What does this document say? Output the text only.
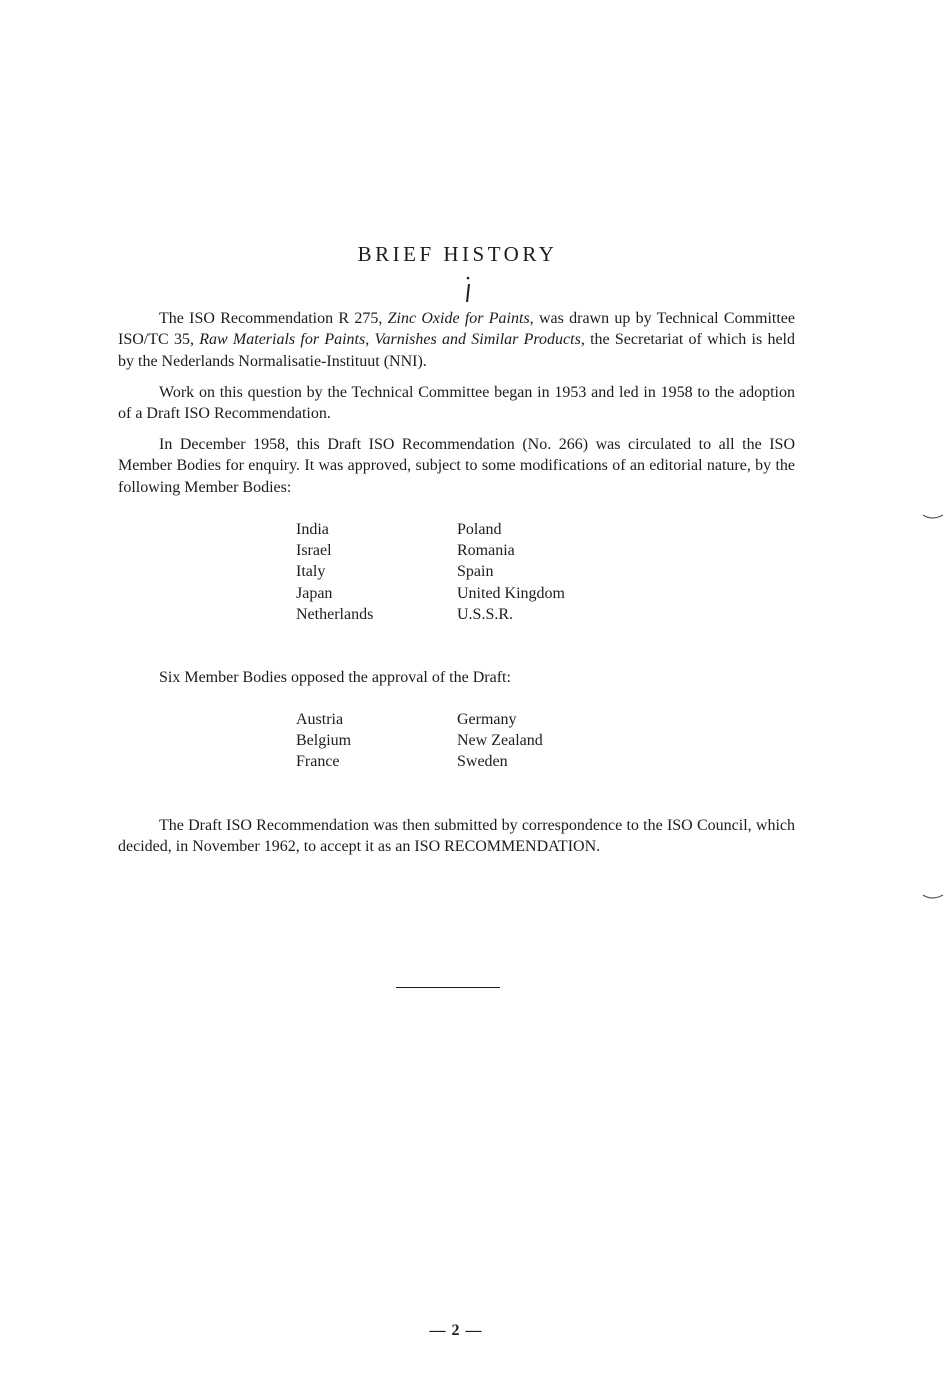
BRIEF HISTORY

The ISO Recommendation R 275, Zinc Oxide for Paints, was drawn up by Technical Committee ISO/TC 35, Raw Materials for Paints, Varnishes and Similar Products, the Secretariat of which is held by the Nederlands Normalisatie-Instituut (NNI).

Work on this question by the Technical Committee began in 1953 and led in 1958 to the adoption of a Draft ISO Recommendation.

In December 1958, this Draft ISO Recommendation (No. 266) was circulated to all the ISO Member Bodies for enquiry. It was approved, subject to some modifications of an editorial nature, by the following Member Bodies:

India
Israel
Italy
Japan
Netherlands
Poland
Romania
Spain
United Kingdom
U.S.S.R.

Six Member Bodies opposed the approval of the Draft:

Austria
Belgium
France
Germany
New Zealand
Sweden

The Draft ISO Recommendation was then submitted by correspondence to the ISO Council, which decided, in November 1962, to accept it as an ISO RECOMMENDATION.

— 2 —
